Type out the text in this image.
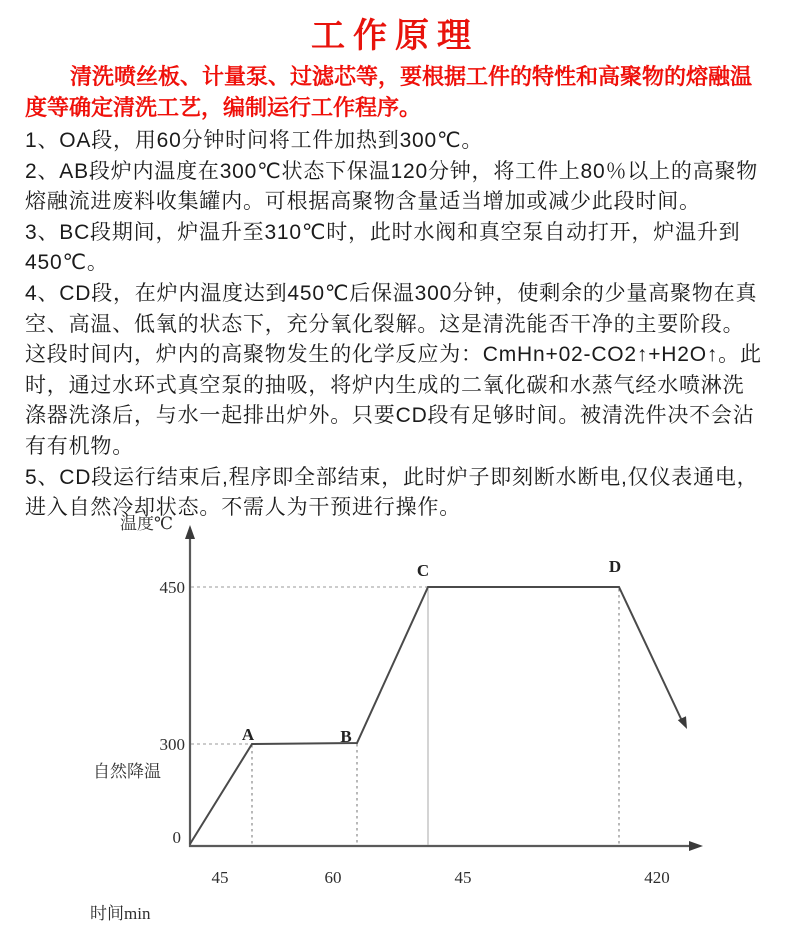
工作原理
清洗喷丝板、计量泵、过滤芯等，要根据工件的特性和高聚物的熔融温
度等确定清洗工艺，编制运行工作程序。
1、OA段，用60分钟时问将工件加热到300℃。
2、AB段炉内温度在300℃状态下保温120分钟，将工件上80％以上的高聚物
熔融流进废料收集罐内。可根据高聚物含量适当增加或减少此段时间。
3、BC段期间，炉温升至310℃时，此时水阀和真空泵自动打开，炉温升到
450℃。
4、CD段，在炉内温度达到450℃后保温300分钟，使剩余的少量高聚物在真
空、高温、低氧的状态下，充分氧化裂解。这是清洗能否干净的主要阶段。
这段时间内，炉内的高聚物发生的化学反应为：CmHn+02-CO2↑+H2O↑。此
时，通过水环式真空泵的抽吸，将炉内生成的二氧化碳和水蒸气经水喷淋洗
涤器洗涤后，与水一起排出炉外。只要CD段有足够时间。被清洗件决不会沾
有有机物。
5、CD段运行结束后,程序即全部结束，此时炉子即刻断水断电,仅仪表通电，
进入自然冷却状态。不需人为干预进行操作。
温度℃
时间min
自然降温
450
300
0
A	B
C	D
45	60	45	420
